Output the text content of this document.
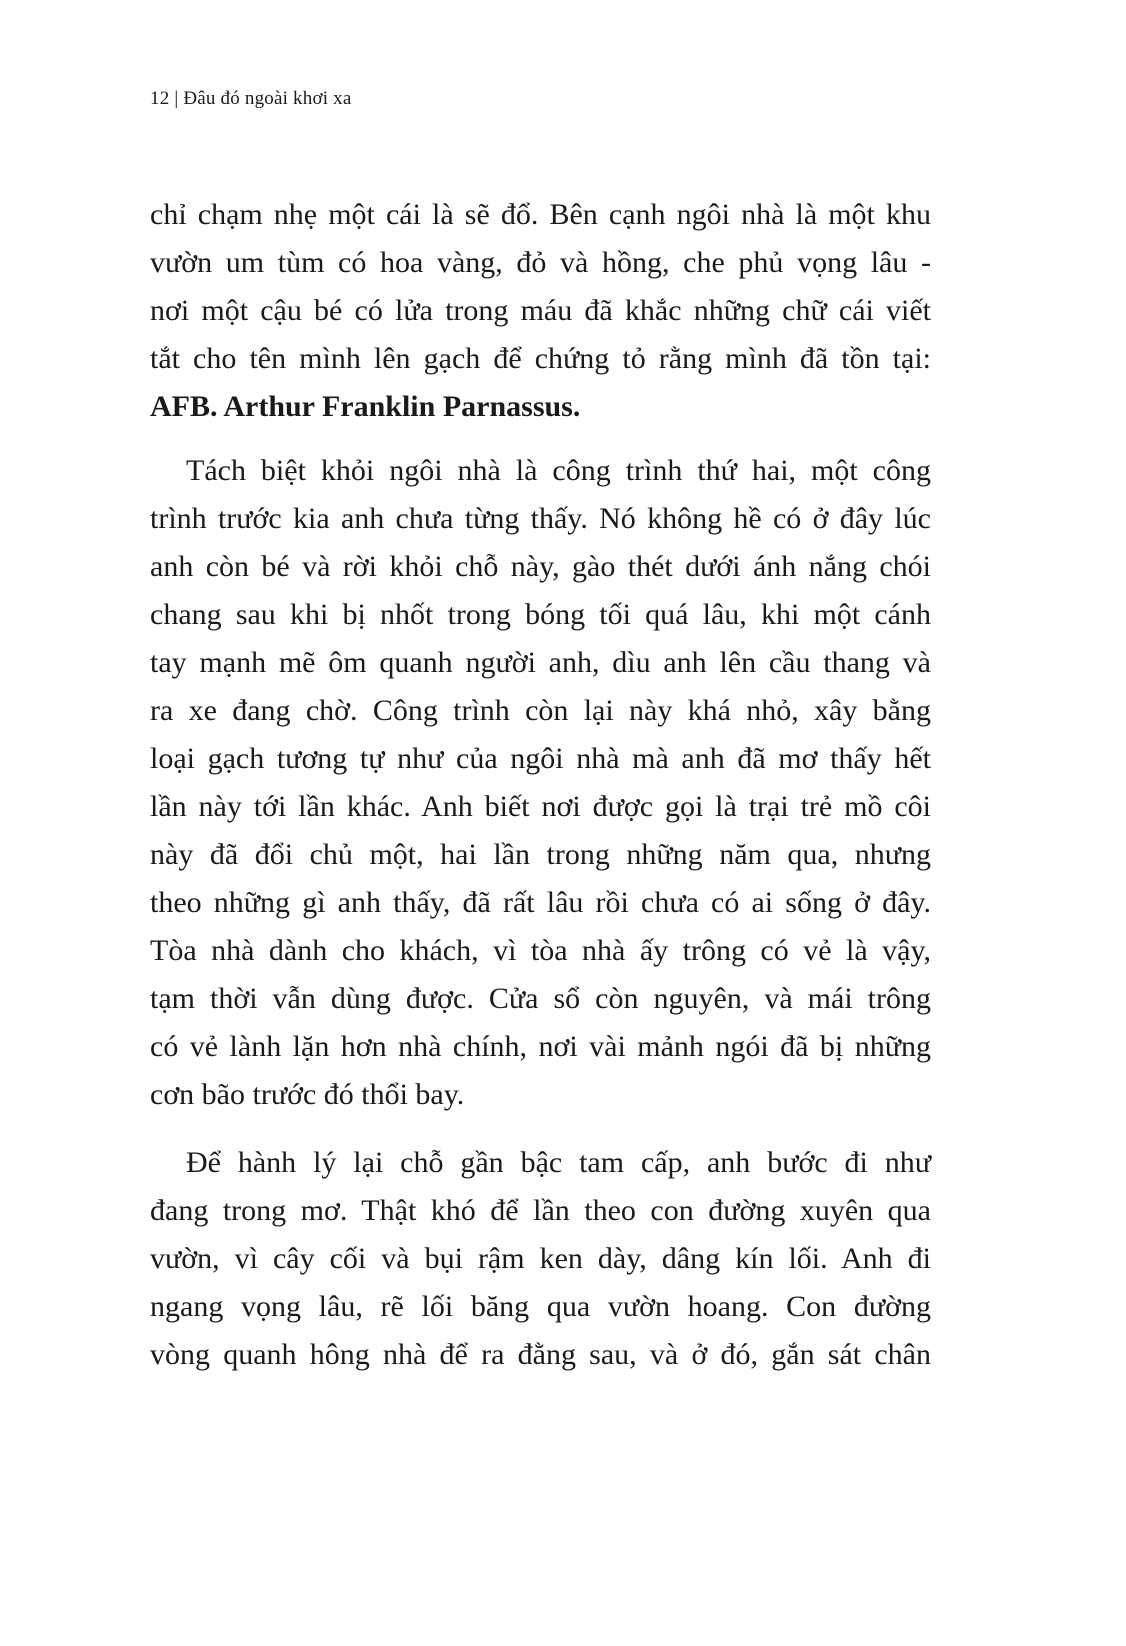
12 | Đâu đó ngoài khơi xa
chỉ chạm nhẹ một cái là sẽ đổ. Bên cạnh ngôi nhà là một khu
vườn um tùm có hoa vàng, đỏ và hồng, che phủ vọng lâu -
nơi một cậu bé có lửa trong máu đã khắc những chữ cái viết
tắt cho tên mình lên gạch để chứng tỏ rằng mình đã tồn tại:
AFB. Arthur Franklin Parnassus.
Tách biệt khỏi ngôi nhà là công trình thứ hai, một công
trình trước kia anh chưa từng thấy. Nó không hề có ở đây lúc
anh còn bé và rời khỏi chỗ này, gào thét dưới ánh nắng chói
chang sau khi bị nhốt trong bóng tối quá lâu, khi một cánh
tay mạnh mẽ ôm quanh người anh, dìu anh lên cầu thang và
ra xe đang chờ. Công trình còn lại này khá nhỏ, xây bằng
loại gạch tương tự như của ngôi nhà mà anh đã mơ thấy hết
lần này tới lần khác. Anh biết nơi được gọi là trại trẻ mồ côi
này đã đổi chủ một, hai lần trong những năm qua, nhưng
theo những gì anh thấy, đã rất lâu rồi chưa có ai sống ở đây.
Tòa nhà dành cho khách, vì tòa nhà ấy trông có vẻ là vậy,
tạm thời vẫn dùng được. Cửa sổ còn nguyên, và mái trông
có vẻ lành lặn hơn nhà chính, nơi vài mảnh ngói đã bị những
cơn bão trước đó thổi bay.
Để hành lý lại chỗ gần bậc tam cấp, anh bước đi như
đang trong mơ. Thật khó để lần theo con đường xuyên qua
vườn, vì cây cối và bụi rậm ken dày, dâng kín lối. Anh đi
ngang vọng lâu, rẽ lối băng qua vườn hoang. Con đường
vòng quanh hông nhà để ra đằng sau, và ở đó, gắn sát chân
